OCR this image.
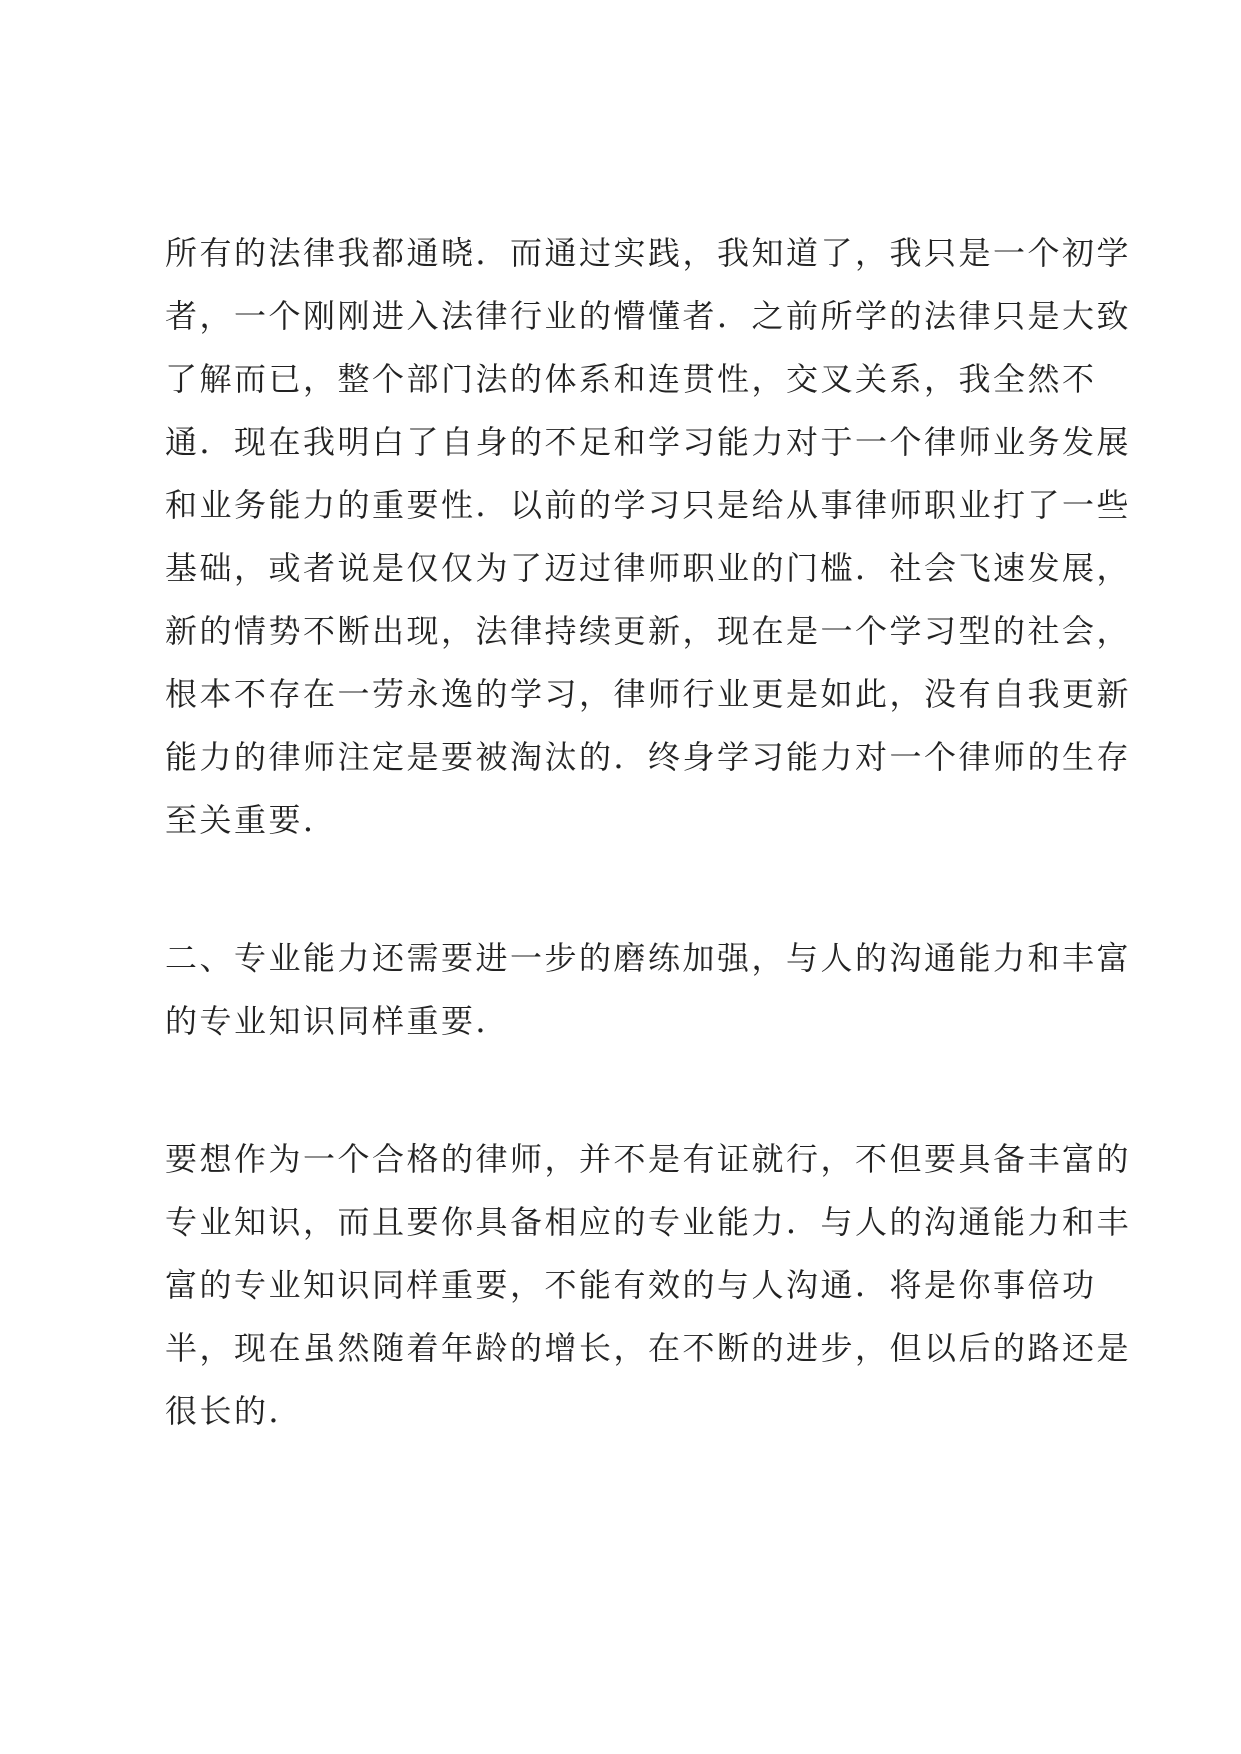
所有的法律我都通晓．而通过实践，我知道了，我只是一个初学
者，一个刚刚进入法律行业的懵懂者．之前所学的法律只是大致
了解而已，整个部门法的体系和连贯性，交叉关系，我全然不
通．现在我明白了自身的不足和学习能力对于一个律师业务发展
和业务能力的重要性．以前的学习只是给从事律师职业打了一些
基础，或者说是仅仅为了迈过律师职业的门槛．社会飞速发展，
新的情势不断出现，法律持续更新，现在是一个学习型的社会，
根本不存在一劳永逸的学习，律师行业更是如此，没有自我更新
能力的律师注定是要被淘汰的．终身学习能力对一个律师的生存
至关重要．
二、专业能力还需要进一步的磨练加强，与人的沟通能力和丰富
的专业知识同样重要．
要想作为一个合格的律师，并不是有证就行，不但要具备丰富的
专业知识，而且要你具备相应的专业能力．与人的沟通能力和丰
富的专业知识同样重要，不能有效的与人沟通．将是你事倍功
半，现在虽然随着年龄的增长，在不断的进步，但以后的路还是
很长的．
